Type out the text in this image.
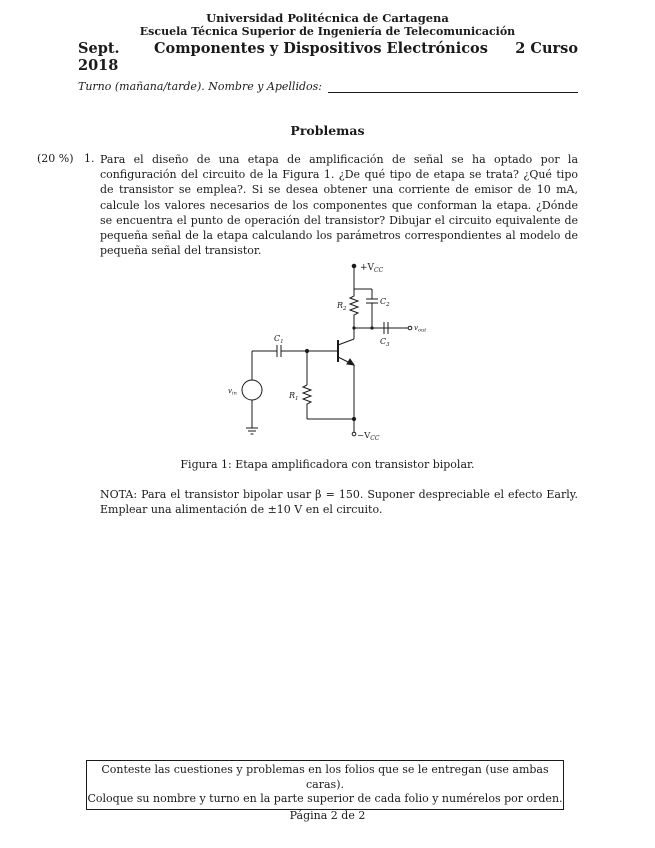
Universidad Politécnica de Cartagena
Escuela Técnica Superior de Ingeniería de Telecomunicación
Sept. 2018
Componentes y Dispositivos Electrónicos	2 Curso
Turno (mañana/tarde). Nombre y Apellidos:
Problemas
(20 %) 1. Para el diseño de una etapa de amplificación de señal se ha optado por la configuración del circuito de la Figura 1. ¿De qué tipo de etapa se trata? ¿Qué tipo de transistor se emplea?. Si se desea obtener una corriente de emisor de 10 mA, calcule los valores necesarios de los componentes que conforman la etapa. ¿Dónde se encuentra el punto de operación del transistor? Dibujar el circuito equivalente de pequeña señal de la etapa calculando los parámetros correspondientes al modelo de pequeña señal del transistor.
$+V_{CC}$
$R_2$
$C_2$
$C_3$
$v_{out}$
$C_1$
$v_{in}$	$R_1$
$-V_{CC}$
Figura 1: Etapa amplificadora con transistor bipolar.
NOTA: Para el transistor bipolar usar β = 150. Suponer despreciable el efecto Early. Emplear una alimentación de ±10 V en el circuito.
Conteste las cuestiones y problemas en los folios que se le entregan (use ambas caras).
Coloque su nombre y turno en la parte superior de cada folio y numérelos por orden.
Página 2 de 2
